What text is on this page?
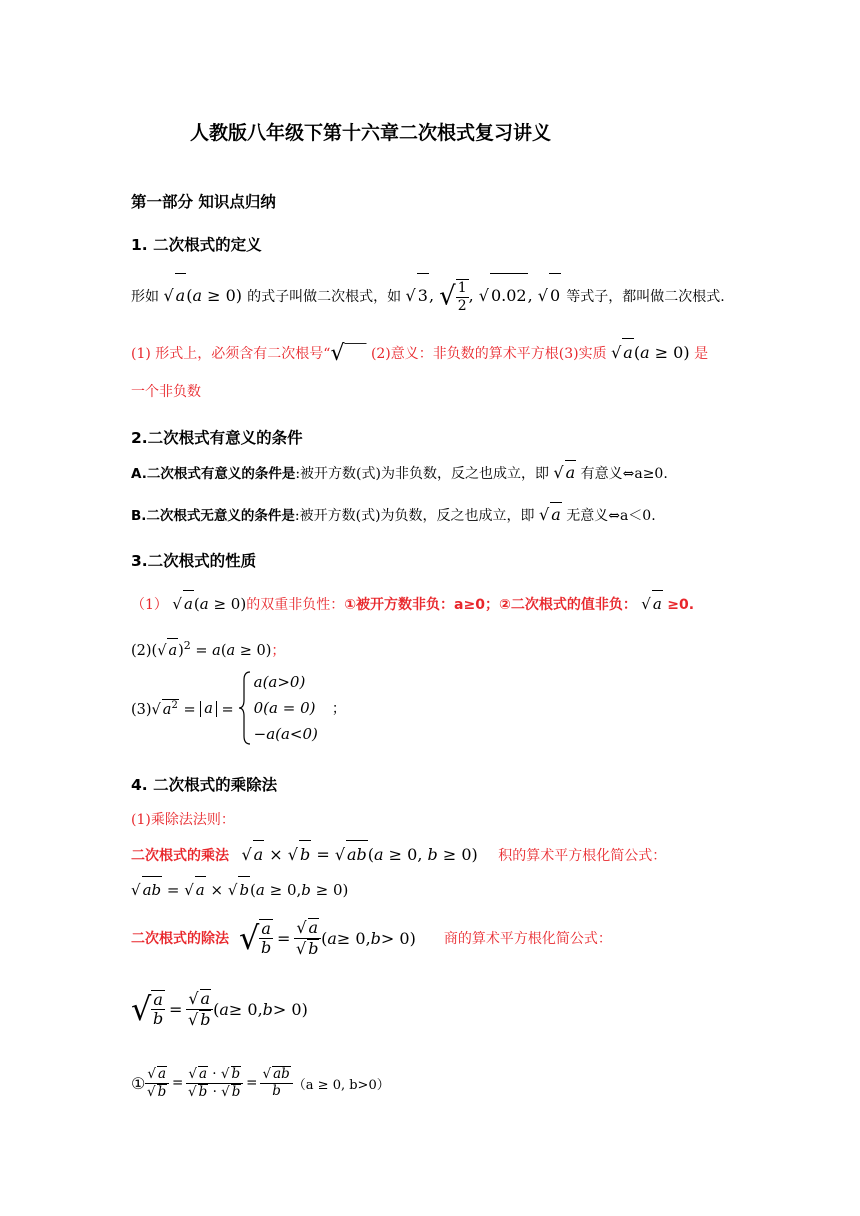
人教版八年级下第十六章二次根式复习讲义
第一部分 知识点归纳
1. 二次根式的定义
形如 √ a(a ≥ 0) 的式子叫做二次根式，如 √ 3, √ $\frac{1}{2}$ , √ 0.02, √ 0 等式子，都叫做二次根式.
(1) 形式上，必须含有二次根号“√‾‾ (2)意义：非负数的算术平方根(3)实质 √ a(a ≥ 0) 是
一个非负数
2.二次根式有意义的条件
A.二次根式有意义的条件是:被开方数(式)为非负数，反之也成立，即 √ a 有意义⇔a≥0.
B.二次根式无意义的条件是:被开方数(式)为负数，反之也成立，即 √ a 无意义⇔a＜0.
3.二次根式的性质
（1） √ a(a ≥ 0)的双重非负性：①被开方数非负：a≥0；②二次根式的值非负： √ a ≥0.
(2)(√ a)$^2$ = a(a ≥ 0)；
(3)√ $a^2 = a$ =
a(a>0)
0(a = 0)
−a(a<0)
；
4. 二次根式的乘除法
(1)乘除法法则：
二次根式的乘法 √ a × √ b = √ ab(a ≥ 0, b ≥ 0) 积的算术平方根化简公式：
√ ab = √ a × √ b(a ≥ 0,b ≥ 0)
二次根式的除法 √ $\frac{a}{b} = \frac{√ a}{√ b}$ ( a ≥ 0, b > 0) 商的算术平方根化简公式：
√ $\frac{a}{b} = \frac{√ a}{√ b}$ ( a ≥ 0, b > 0)
① $\frac{√ a}{√ b} = \frac{√ a \cdot √ b}{√ b \cdot √ b} = \frac{√ ab}{b} (a \ge 0$, b>0）
